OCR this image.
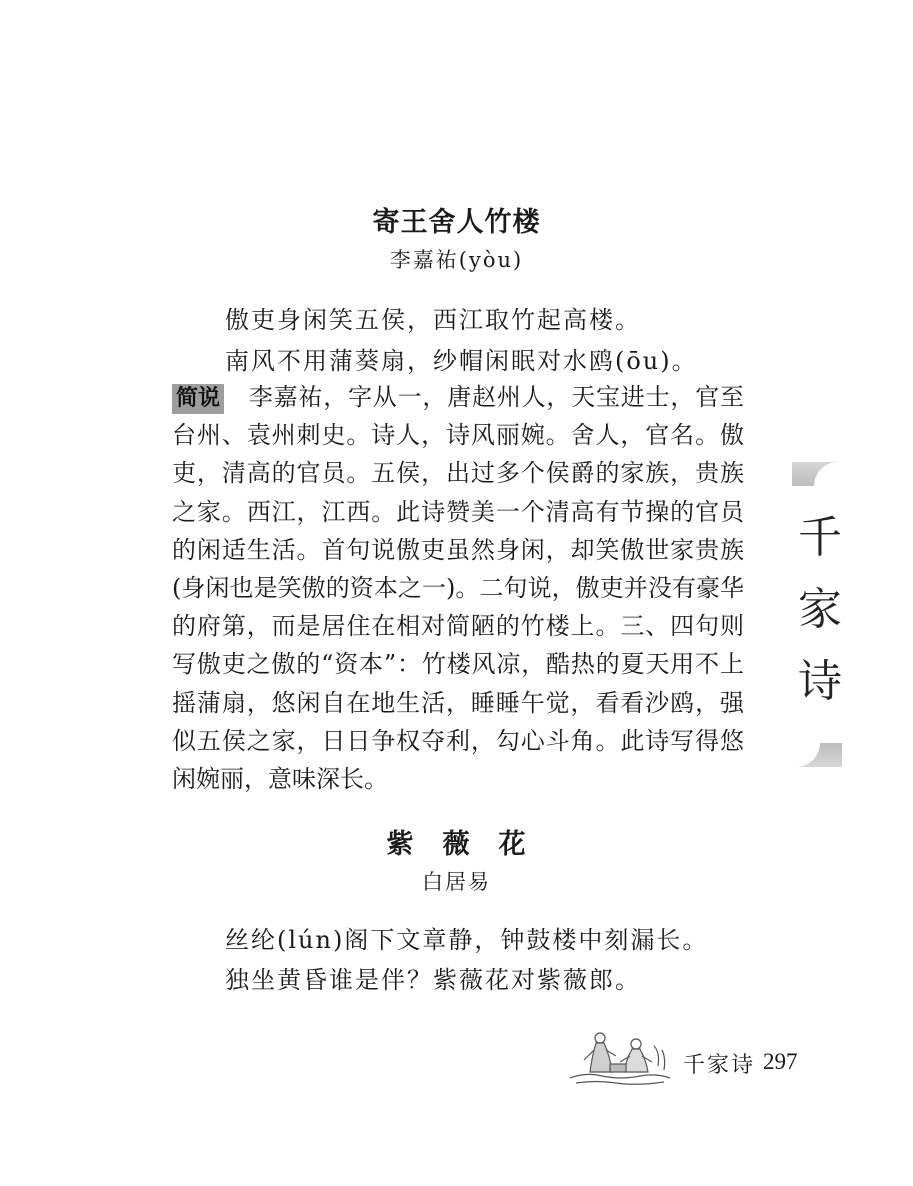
寄王舍人竹楼
李嘉祐(yòu)
傲吏身闲笑五侯，西江取竹起高楼。
南风不用蒲葵扇，纱帽闲眠对水鸥(ōu)。
简说 李嘉祐，字从一，唐赵州人，天宝进士，官至台州、袁州刺史。诗人，诗风丽婉。舍人，官名。傲吏，清高的官员。五侯，出过多个侯爵的家族，贵族之家。西江，江西。此诗赞美一个清高有节操的官员的闲适生活。首句说傲吏虽然身闲，却笑傲世家贵族(身闲也是笑傲的资本之一)。二句说，傲吏并没有豪华的府第，而是居住在相对简陋的竹楼上。三、四句则写傲吏之傲的“资本”：竹楼风凉，酷热的夏天用不上摇蒲扇，悠闲自在地生活，睡睡午觉，看看沙鸥，强似五侯之家，日日争权夺利，勾心斗角。此诗写得悠闲婉丽，意味深长。
紫　薇　花
白居易
丝纶(lún)阁下文章静，钟鼓楼中刻漏长。
独坐黄昏谁是伴？紫薇花对紫薇郎。
千
家
诗
千家诗 297
